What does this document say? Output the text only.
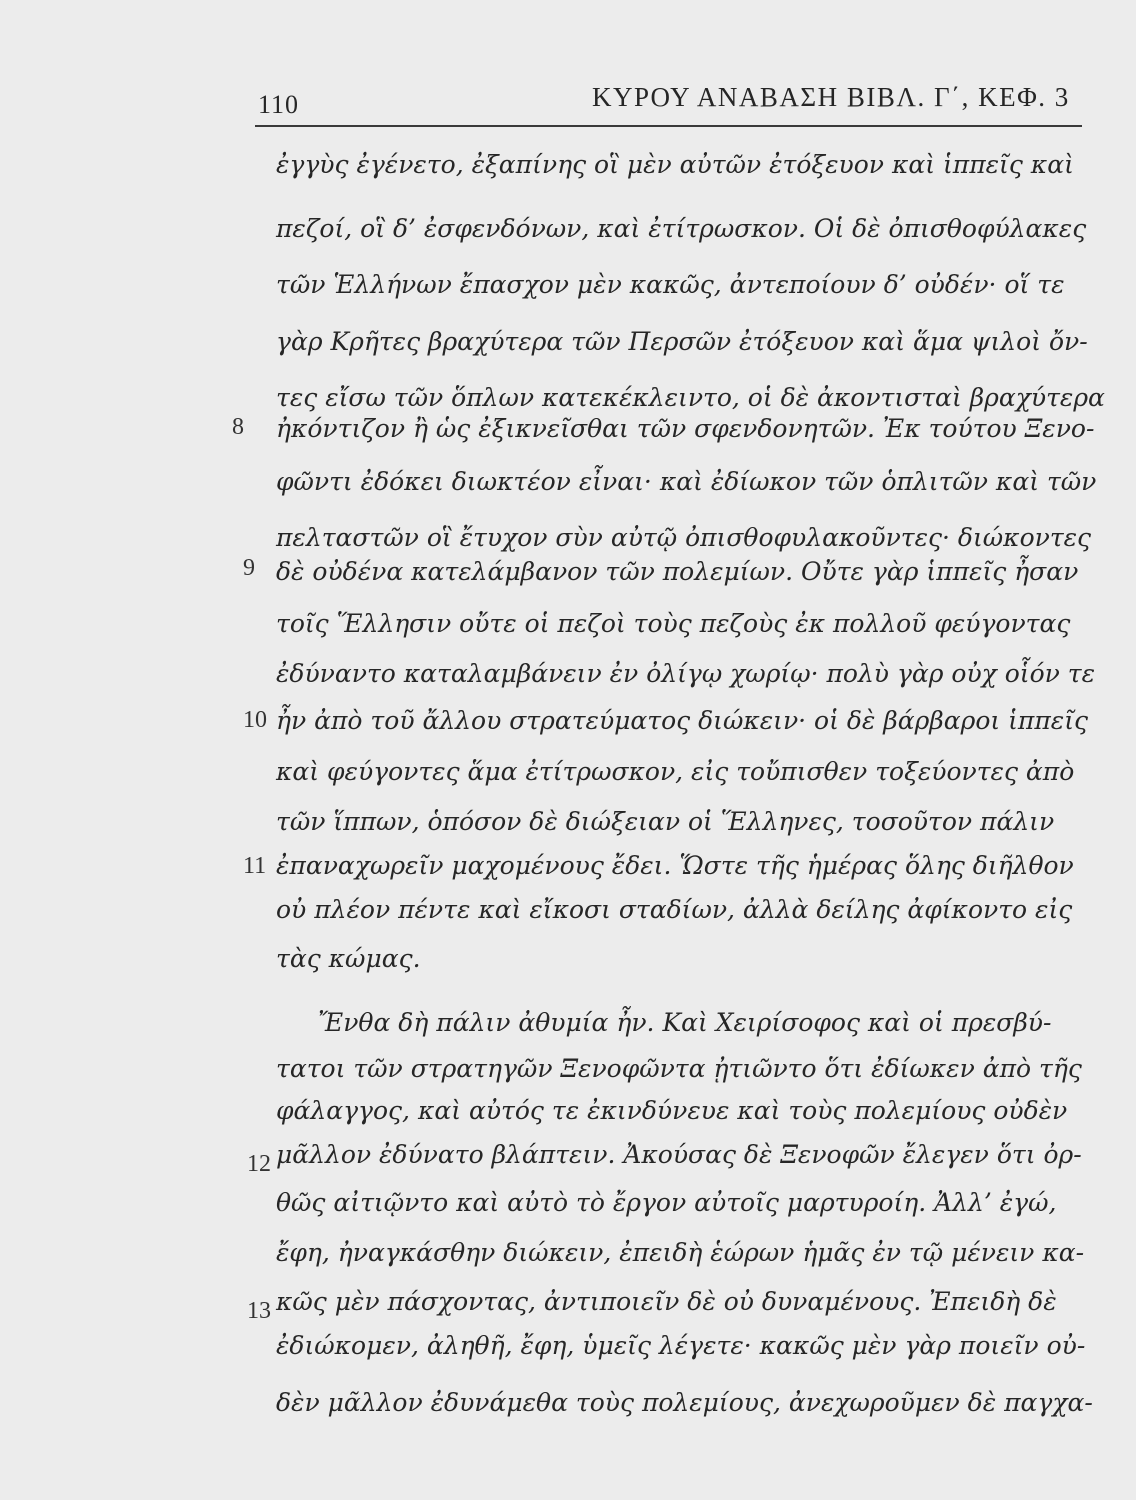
110	ΚΥΡΟΥ ΑΝΑΒΑΣΗ ΒΙΒΛ. Γ΄, ΚΕΦ. 3
ἐγγὺς ἐγένετο, ἐξαπίνης οἳ μὲν αὐτῶν ἐτόξευον καὶ ἱππεῖς καὶ
πεζοί, οἳ δ’ ἐσφενδόνων, καὶ ἐτίτρωσκον. Οἱ δὲ ὀπισθοφύλακες
τῶν Ἑλλήνων ἔπασχον μὲν κακῶς, ἀντεποίουν δ’ οὐδέν· οἵ τε
γὰρ Κρῆτες βραχύτερα τῶν Περσῶν ἐτόξευον καὶ ἅμα ψιλοὶ ὄν-
τες εἴσω τῶν ὅπλων κατεκέκλειντο, οἱ δὲ ἀκοντισταὶ βραχύτερα
ἠκόντιζον ἢ ὡς ἐξικνεῖσθαι τῶν σφενδονητῶν. Ἐκ τούτου Ξενο-
φῶντι ἐδόκει διωκτέον εἶναι· καὶ ἐδίωκον τῶν ὁπλιτῶν καὶ τῶν
πελταστῶν οἳ ἔτυχον σὺν αὐτῷ ὀπισθοφυλακοῦντες· διώκοντες
δὲ οὐδένα κατελάμβανον τῶν πολεμίων. Οὔτε γὰρ ἱππεῖς ἦσαν
τοῖς Ἕλλησιν οὔτε οἱ πεζοὶ τοὺς πεζοὺς ἐκ πολλοῦ φεύγοντας
ἐδύναντο καταλαμβάνειν ἐν ὀλίγῳ χωρίῳ· πολὺ γὰρ οὐχ οἷόν τε
ἦν ἀπὸ τοῦ ἄλλου στρατεύματος διώκειν· οἱ δὲ βάρβαροι ἱππεῖς
καὶ φεύγοντες ἅμα ἐτίτρωσκον, εἰς τοὔπισθεν τοξεύοντες ἀπὸ
τῶν ἵππων, ὁπόσον δὲ διώξειαν οἱ Ἕλληνες, τοσοῦτον πάλιν
ἐπαναχωρεῖν μαχομένους ἔδει. Ὥστε τῆς ἡμέρας ὅλης διῆλθον
οὐ πλέον πέντε καὶ εἴκοσι σταδίων, ἀλλὰ δείλης ἀφίκοντο εἰς
τὰς κώμας.
Ἔνθα δὴ πάλιν ἀθυμία ἦν. Καὶ Χειρίσοφος καὶ οἱ πρεσβύ-
τατοι τῶν στρατηγῶν Ξενοφῶντα ᾐτιῶντο ὅτι ἐδίωκεν ἀπὸ τῆς
φάλαγγος, καὶ αὐτός τε ἐκινδύνευε καὶ τοὺς πολεμίους οὐδὲν
μᾶλλον ἐδύνατο βλάπτειν. Ἀκούσας δὲ Ξενοφῶν ἔλεγεν ὅτι ὀρ-
θῶς αἰτιῷντο καὶ αὐτὸ τὸ ἔργον αὐτοῖς μαρτυροίη. Ἀλλ’ ἐγώ,
ἔφη, ἠναγκάσθην διώκειν, ἐπειδὴ ἑώρων ἡμᾶς ἐν τῷ μένειν κα-
κῶς μὲν πάσχοντας, ἀντιποιεῖν δὲ οὐ δυναμένους. Ἐπειδὴ δὲ
ἐδιώκομεν, ἀληθῆ, ἔφη, ὑμεῖς λέγετε· κακῶς μὲν γὰρ ποιεῖν οὐ-
δὲν μᾶλλον ἐδυνάμεθα τοὺς πολεμίους, ἀνεχωροῦμεν δὲ παγχα-
8
9
10
11
12
13
